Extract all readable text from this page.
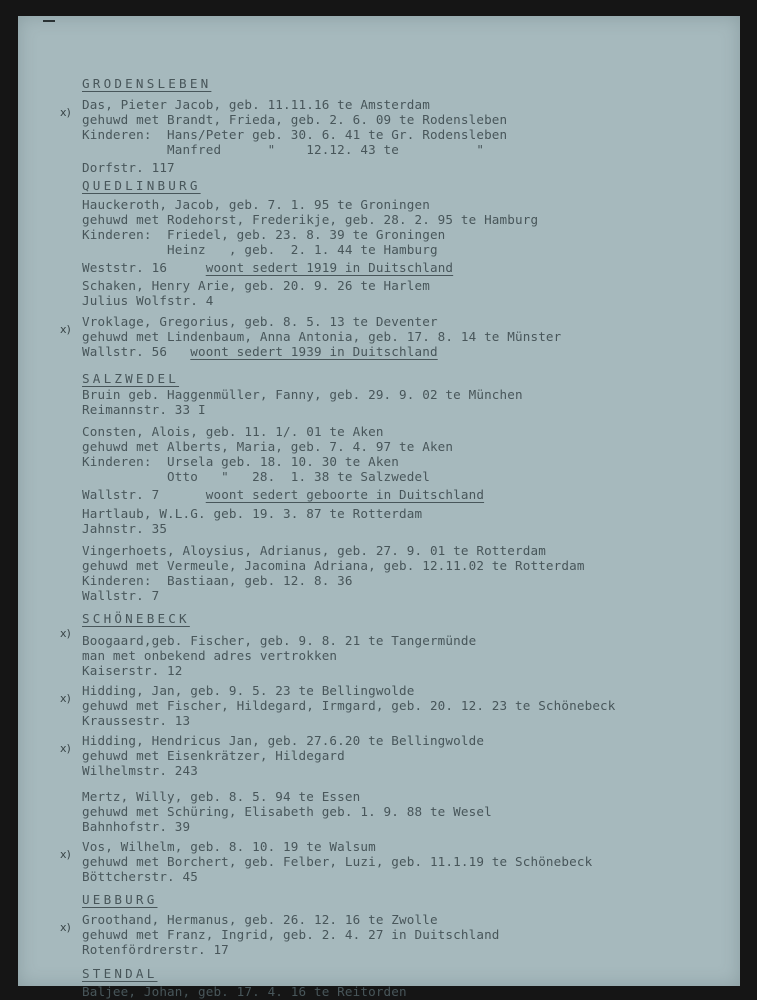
GRODENSLEBEN
Das, Pieter Jacob, geb. 11.11.16 te Amsterdam
gehuwd met Brandt, Frieda, geb. 2. 6. 09 te Rodensleben
x)
Kinderen:  Hans/Peter geb. 30. 6. 41 te Gr. Rodensleben
Manfred      "    12.12. 43 te          "
Dorfstr. 117
QUEDLINBURG
Hauckeroth, Jacob, geb. 7. 1. 95 te Groningen
gehuwd met Rodehorst, Frederikje, geb. 28. 2. 95 te Hamburg
Kinderen:  Friedel, geb. 23. 8. 39 te Groningen
Heinz   , geb.  2. 1. 44 te Hamburg
Weststr. 16	woont sedert 1919 in Duitschland
Schaken, Henry Arie, geb. 20. 9. 26 te Harlem
Julius Wolfstr. 4
Vroklage, Gregorius, geb. 8. 5. 13 te Deventer
gehuwd met Lindenbaum, Anna Antonia, geb. 17. 8. 14 te Münster
x)
Wallstr. 56 woont sedert 1939 in Duitschland
SALZWEDEL
Bruin geb. Haggenmüller, Fanny, geb. 29. 9. 02 te München
Reimannstr. 33 I
Consten, Alois, geb. 11. 1/. 01 te Aken
gehuwd met Alberts, Maria, geb. 7. 4. 97 te Aken
Kinderen:  Ursela geb. 18. 10. 30 te Aken
Otto   "   28.  1. 38 te Salzwedel
Wallstr. 7	woont sedert geboorte in Duitschland
Hartlaub, W.L.G. geb. 19. 3. 87 te Rotterdam
Jahnstr. 35
Vingerhoets, Aloysius, Adrianus, geb. 27. 9. 01 te Rotterdam
gehuwd met Vermeule, Jacomina Adriana, geb. 12.11.02 te Rotterdam
Kinderen:  Bastiaan, geb. 12. 8. 36
Wallstr. 7
SCHÖNEBECK
Boogaard,geb. Fischer, geb. 9. 8. 21 te Tangermünde
x)
man met onbekend adres vertrokken
Kaiserstr. 12
Hidding, Jan, geb. 9. 5. 23 te Bellingwolde
gehuwd met Fischer, Hildegard, Irmgard, geb. 20. 12. 23 te Schönebeck
x)
Kraussestr. 13
Hidding, Hendricus Jan, geb. 27.6.20 te Bellingwolde
gehuwd met Eisenkrätzer, Hildegard
x)
Wilhelmstr. 243
Mertz, Willy, geb. 8. 5. 94 te Essen
gehuwd met Schüring, Elisabeth geb. 1. 9. 88 te Wesel
Bahnhofstr. 39
Vos, Wilhelm, geb. 8. 10. 19 te Walsum
gehuwd met Borchert, geb. Felber, Luzi, geb. 11.1.19 te Schönebeck
x)
Böttcherstr. 45
UEBBURG
Groothand, Hermanus, geb. 26. 12. 16 te Zwolle
gehuwd met Franz, Ingrid, geb. 2. 4. 27 in Duitschland
x)
Rotenfördrerstr. 17
STENDAL
Baljee, Johan, geb. 17. 4. 16 te Reitorden
